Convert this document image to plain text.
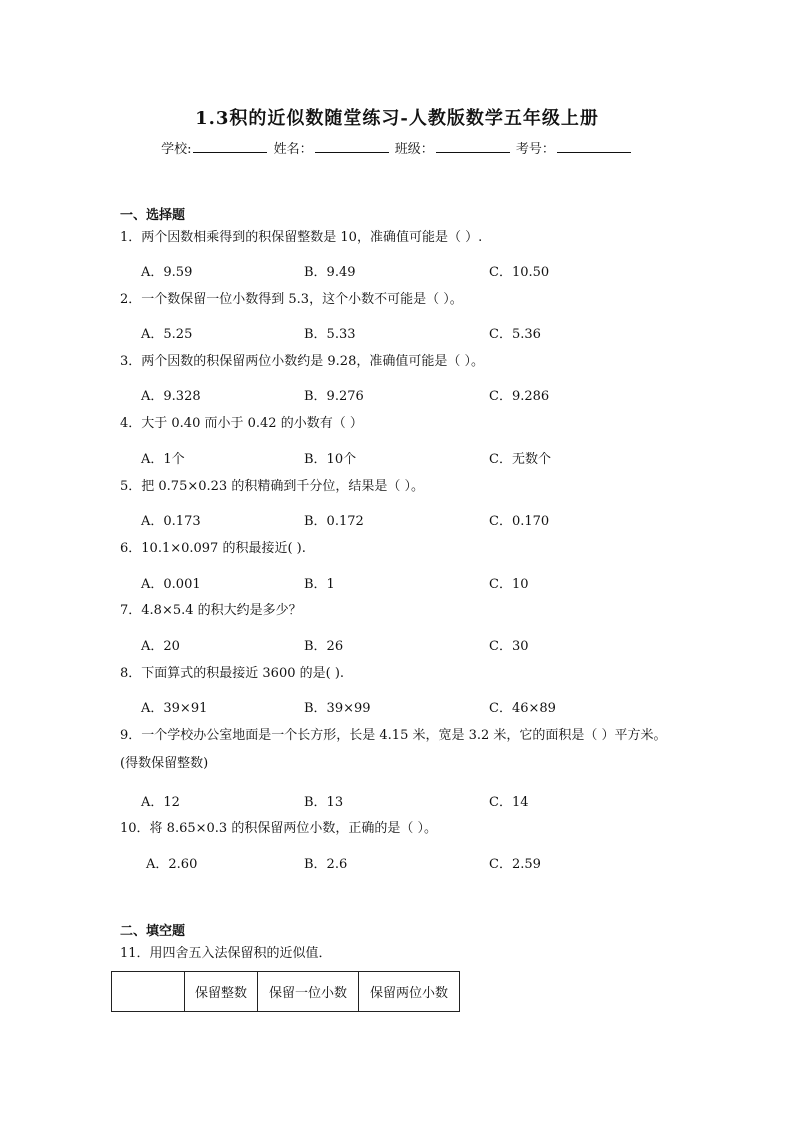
1.3积的近似数随堂练习-人教版数学五年级上册
学校:	姓名：	班级：	考号：
一、选择题
1．两个因数相乘得到的积保留整数是 10，准确值可能是（ ）.
A．9.59	B．9.49	C．10.50
2．一个数保留一位小数得到 5.3，这个小数不可能是（ ）。
A．5.25	B．5.33	C．5.36
3．两个因数的积保留两位小数约是 9.28，准确值可能是（ ）。
A．9.328	B．9.276	C．9.286
4．大于 0.40 而小于 0.42 的小数有（ ）
A．1个	B．10个	C．无数个
5．把 0.75×0.23 的积精确到千分位，结果是（ ）。
A．0.173	B．0.172	C．0.170
6．10.1×0.097 的积最接近( ).
A．0.001	B．1	C．10
7．4.8×5.4 的积大约是多少？
A．20	B．26	C．30
8．下面算式的积最接近 3600 的是( ).
A．39×91	B．39×99	C．46×89
9．一个学校办公室地面是一个长方形，长是 4.15 米，宽是 3.2 米，它的面积是（ ）平方米。(得数保留整数)
A．12	B．13	C．14
10．将 8.65×0.3 的积保留两位小数，正确的是（ ）。
A．2.60	B．2.6	C．2.59
二、填空题
11．用四舍五入法保留积的近似值．
	保留整数	保留一位小数	保留两位小数
